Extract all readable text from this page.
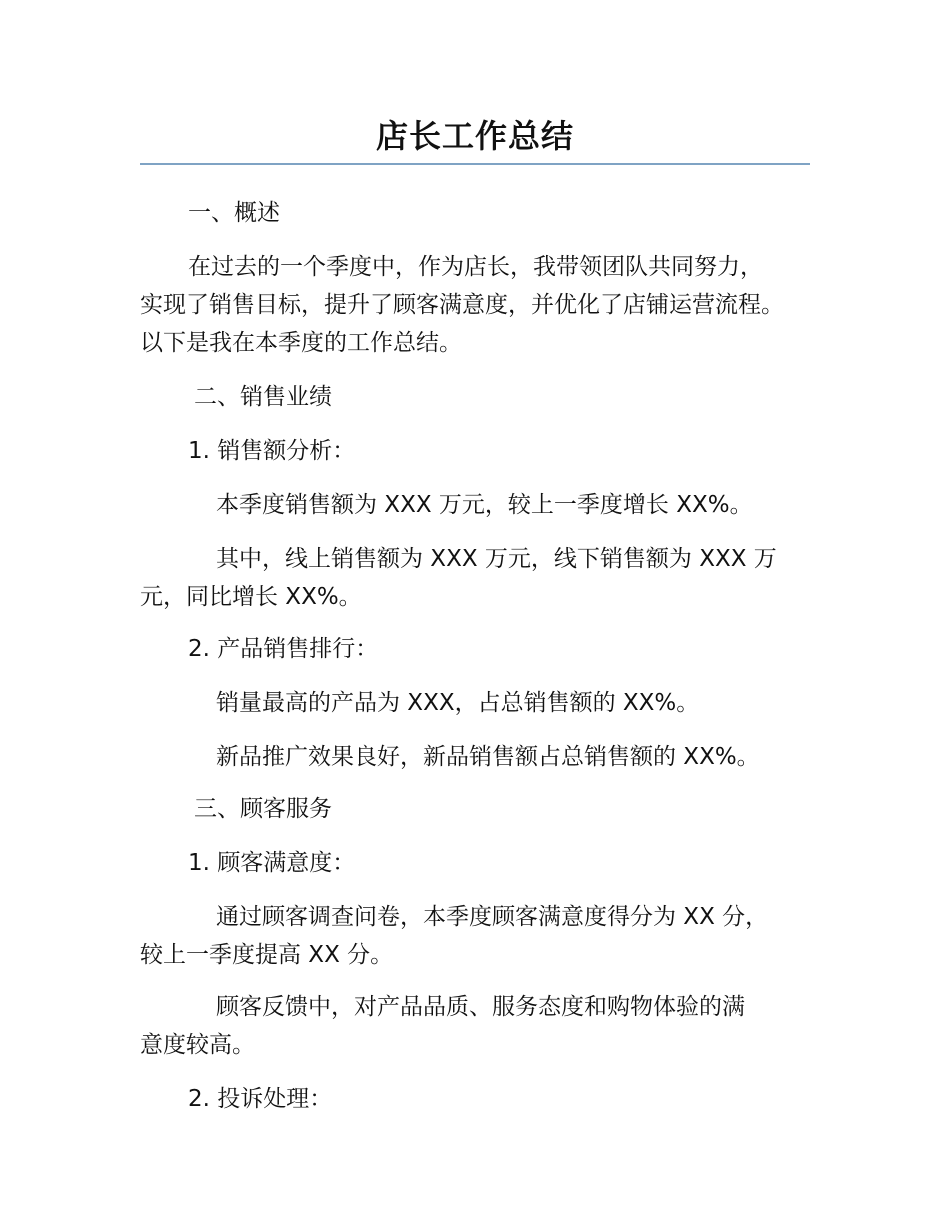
店长工作总结
一、概述
在过去的一个季度中，作为店长，我带领团队共同努力，
实现了销售目标，提升了顾客满意度，并优化了店铺运营流程。
以下是我在本季度的工作总结。
二、销售业绩
1. 销售额分析：
本季度销售额为 XXX 万元，较上一季度增长 XX%。
其中，线上销售额为 XXX 万元，线下销售额为 XXX 万
元，同比增长 XX%。
2. 产品销售排行：
销量最高的产品为 XXX，占总销售额的 XX%。
新品推广效果良好，新品销售额占总销售额的 XX%。
三、顾客服务
1. 顾客满意度：
通过顾客调查问卷，本季度顾客满意度得分为 XX 分，
较上一季度提高 XX 分。
顾客反馈中，对产品品质、服务态度和购物体验的满
意度较高。
2. 投诉处理：
